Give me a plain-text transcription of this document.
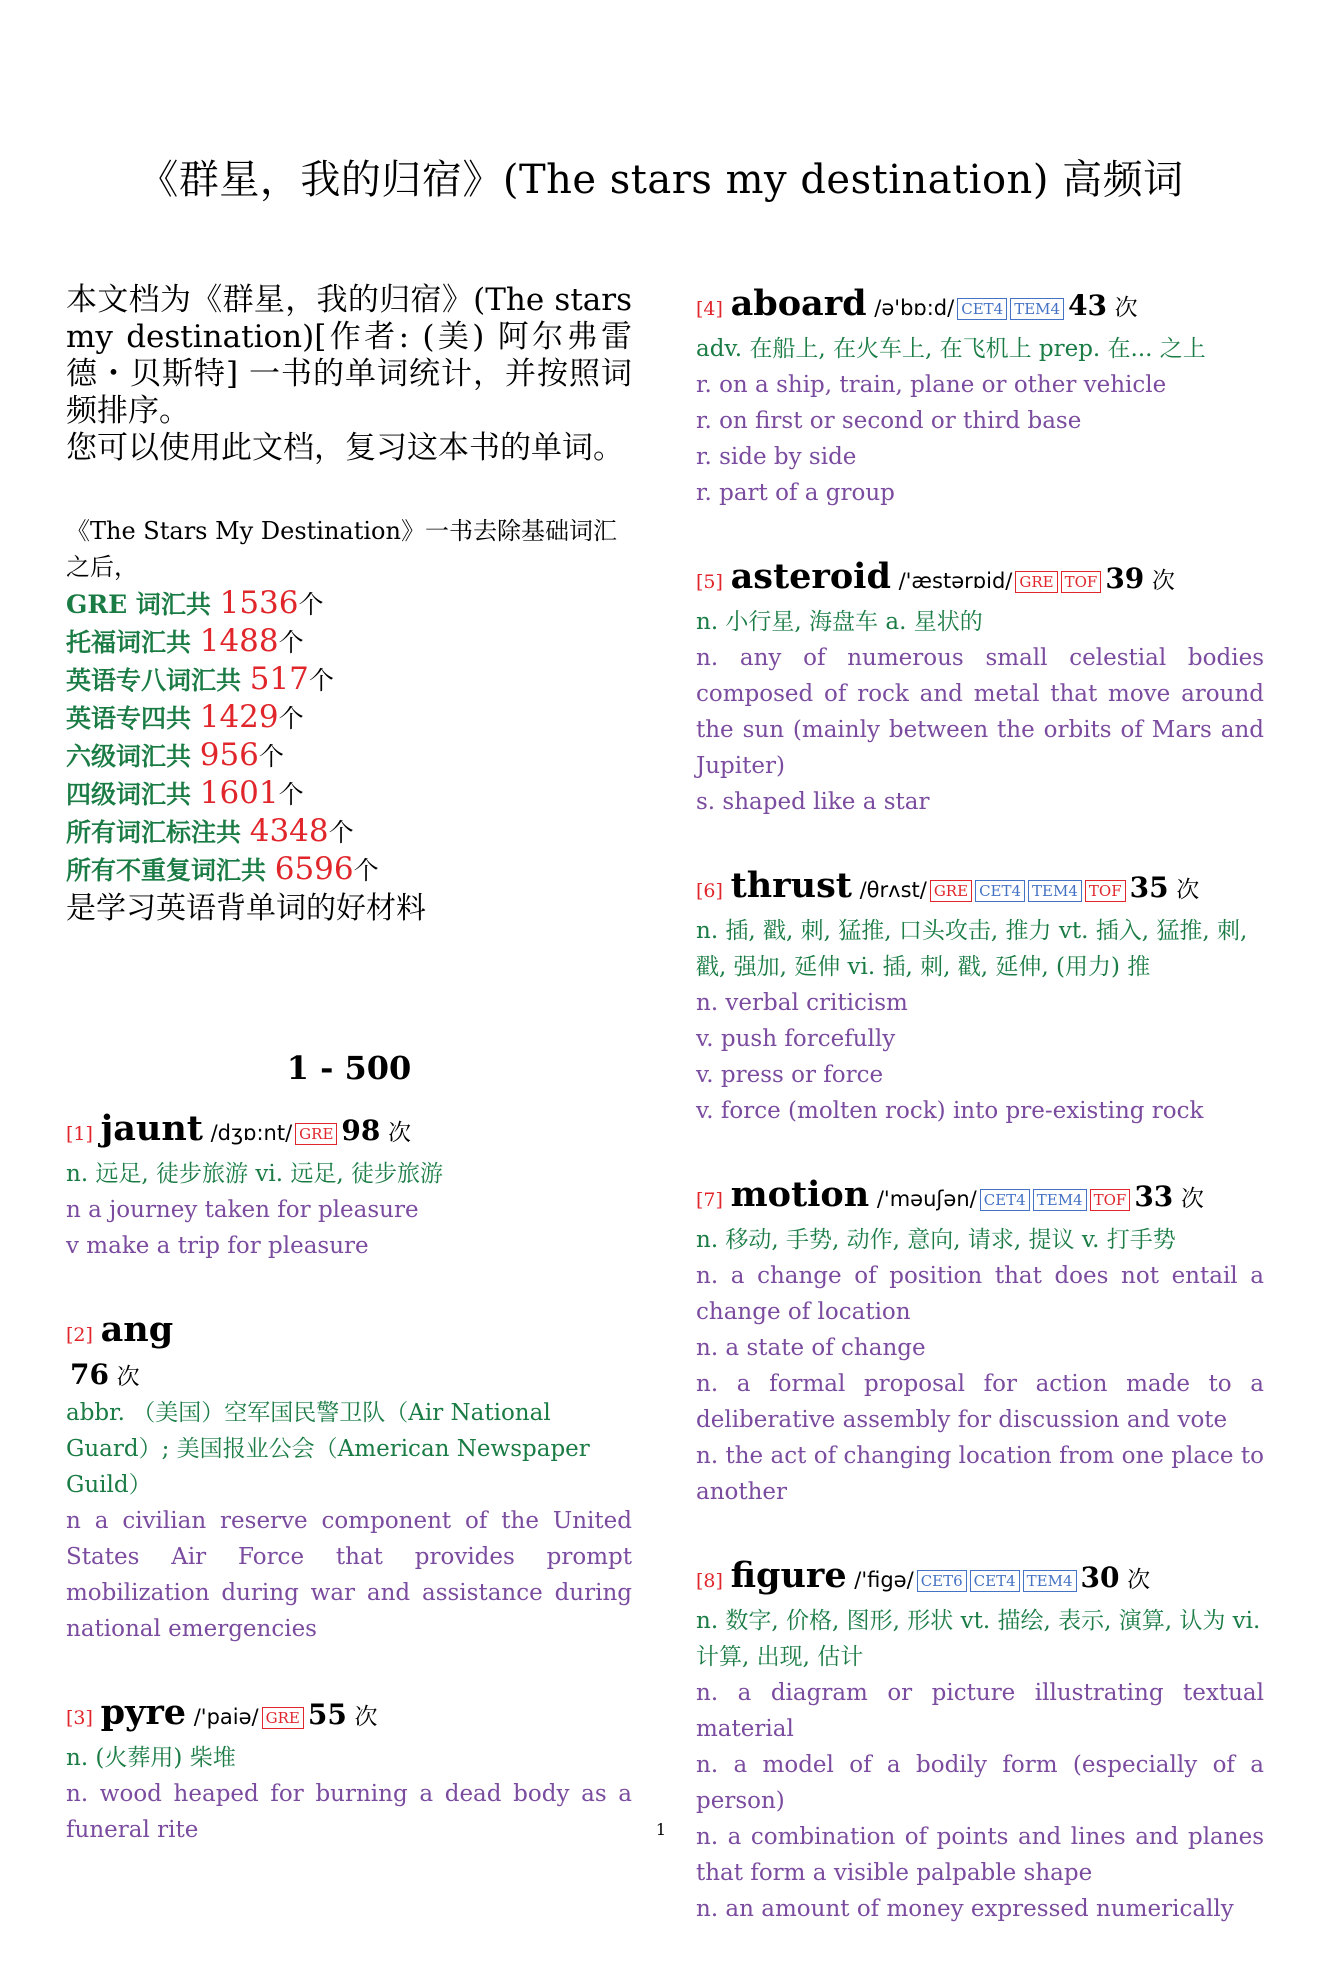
《群星，我的归宿》(The stars my destination) 高频词
本文档为《群星，我的归宿》(The stars my destination)[作者: (美) 阿尔弗雷德・贝斯特] 一书的单词统计，并按照词频排序。
您可以使用此文档，复习这本书的单词。
《The Stars My Destination》一书去除基础词汇之后，
GRE 词汇共 1536个
托福词汇共 1488个
英语专八词汇共 517个
英语专四共 1429个
六级词汇共 956个
四级词汇共 1601个
所有词汇标注共 4348个
所有不重复词汇共 6596个
是学习英语背单词的好材料
1 - 500
[1] jaunt /dʒɒ:nt/ GRE 98 次
n. 远足, 徒步旅游 vi. 远足, 徒步旅游
n a journey taken for pleasure
v make a trip for pleasure
[2] ang
76 次
abbr. （美国）空军国民警卫队（Air National Guard）; 美国报业公会（American Newspaper Guild）
n a civilian reserve component of the United States Air Force that provides prompt mobilization during war and assistance during national emergencies
[3] pyre /'paiə/ GRE 55 次
n. (火葬用) 柴堆
n. wood heaped for burning a dead body as a funeral rite
[4] aboard /ə'bɒ:d/ CET4 TEM4 43 次
adv. 在船上, 在火车上, 在飞机上 prep. 在... 之上
r. on a ship, train, plane or other vehicle
r. on first or second or third base
r. side by side
r. part of a group
[5] asteroid /'æstərɒid/ GRE TOF 39 次
n. 小行星, 海盘车 a. 星状的
n. any of numerous small celestial bodies composed of rock and metal that move around the sun (mainly between the orbits of Mars and Jupiter)
s. shaped like a star
[6] thrust /θrʌst/ GRE CET4 TEM4 TOF 35 次
n. 插, 戳, 刺, 猛推, 口头攻击, 推力 vt. 插入, 猛推, 刺, 戳, 强加, 延伸 vi. 插, 刺, 戳, 延伸, (用力) 推
n. verbal criticism
v. push forcefully
v. press or force
v. force (molten rock) into pre-existing rock
[7] motion /'məuʃən/ CET4 TEM4 TOF 33 次
n. 移动, 手势, 动作, 意向, 请求, 提议 v. 打手势
n. a change of position that does not entail a change of location
n. a state of change
n. a formal proposal for action made to a deliberative assembly for discussion and vote
n. the act of changing location from one place to another
[8] figure /'figə/ CET6 CET4 TEM4 30 次
n. 数字, 价格, 图形, 形状 vt. 描绘, 表示, 演算, 认为 vi. 计算, 出现, 估计
n. a diagram or picture illustrating textual material
n. a model of a bodily form (especially of a person)
n. a combination of points and lines and planes that form a visible palpable shape
n. an amount of money expressed numerically
1
